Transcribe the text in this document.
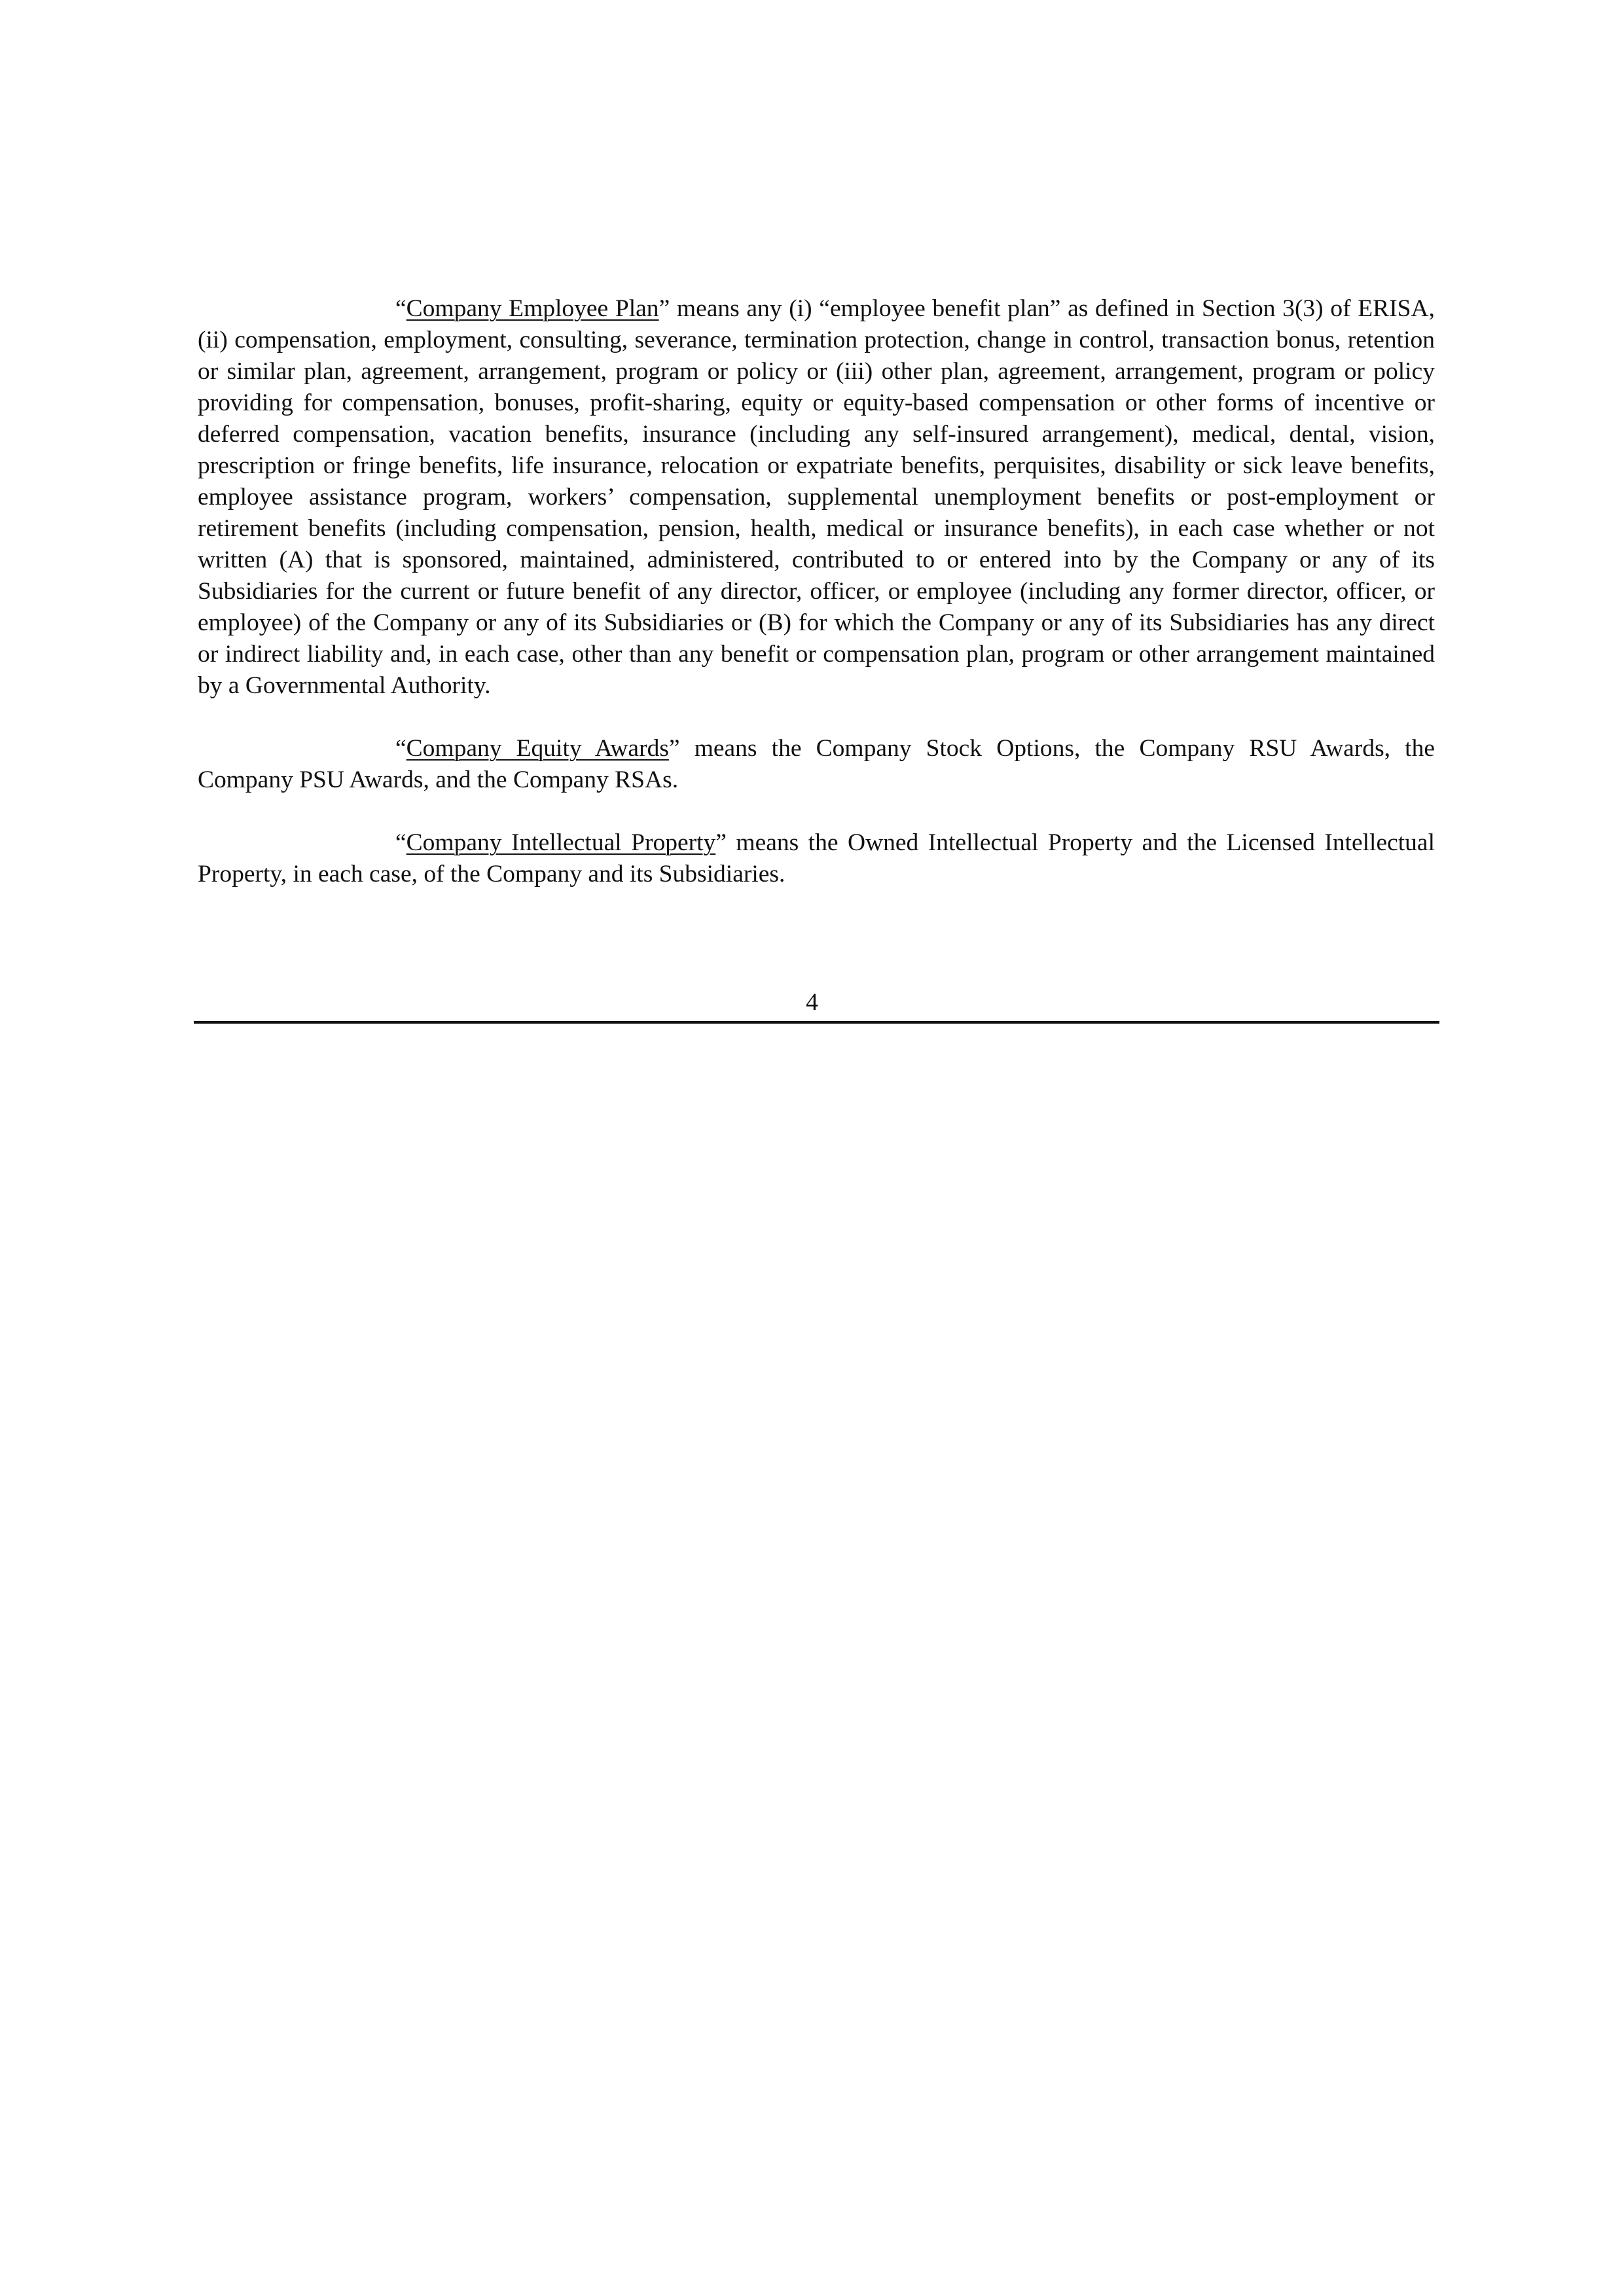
“Company Employee Plan” means any (i) “employee benefit plan” as defined in Section 3(3) of ERISA, (ii) compensation, employment, consulting, severance, termination protection, change in control, transaction bonus, retention or similar plan, agreement, arrangement, program or policy or (iii) other plan, agreement, arrangement, program or policy providing for compensation, bonuses, profit-sharing, equity or equity-based compensation or other forms of incentive or deferred compensation, vacation benefits, insurance (including any self-insured arrangement), medical, dental, vision, prescription or fringe benefits, life insurance, relocation or expatriate benefits, perquisites, disability or sick leave benefits, employee assistance program, workers’ compensation, supplemental unemployment benefits or post-employment or retirement benefits (including compensation, pension, health, medical or insurance benefits), in each case whether or not written (A) that is sponsored, maintained, administered, contributed to or entered into by the Company or any of its Subsidiaries for the current or future benefit of any director, officer, or employee (including any former director, officer, or employee) of the Company or any of its Subsidiaries or (B) for which the Company or any of its Subsidiaries has any direct or indirect liability and, in each case, other than any benefit or compensation plan, program or other arrangement maintained by a Governmental Authority.

“Company Equity Awards” means the Company Stock Options, the Company RSU Awards, the Company PSU Awards, and the Company RSAs.

“Company Intellectual Property” means the Owned Intellectual Property and the Licensed Intellectual Property, in each case, of the Company and its Subsidiaries.

4
